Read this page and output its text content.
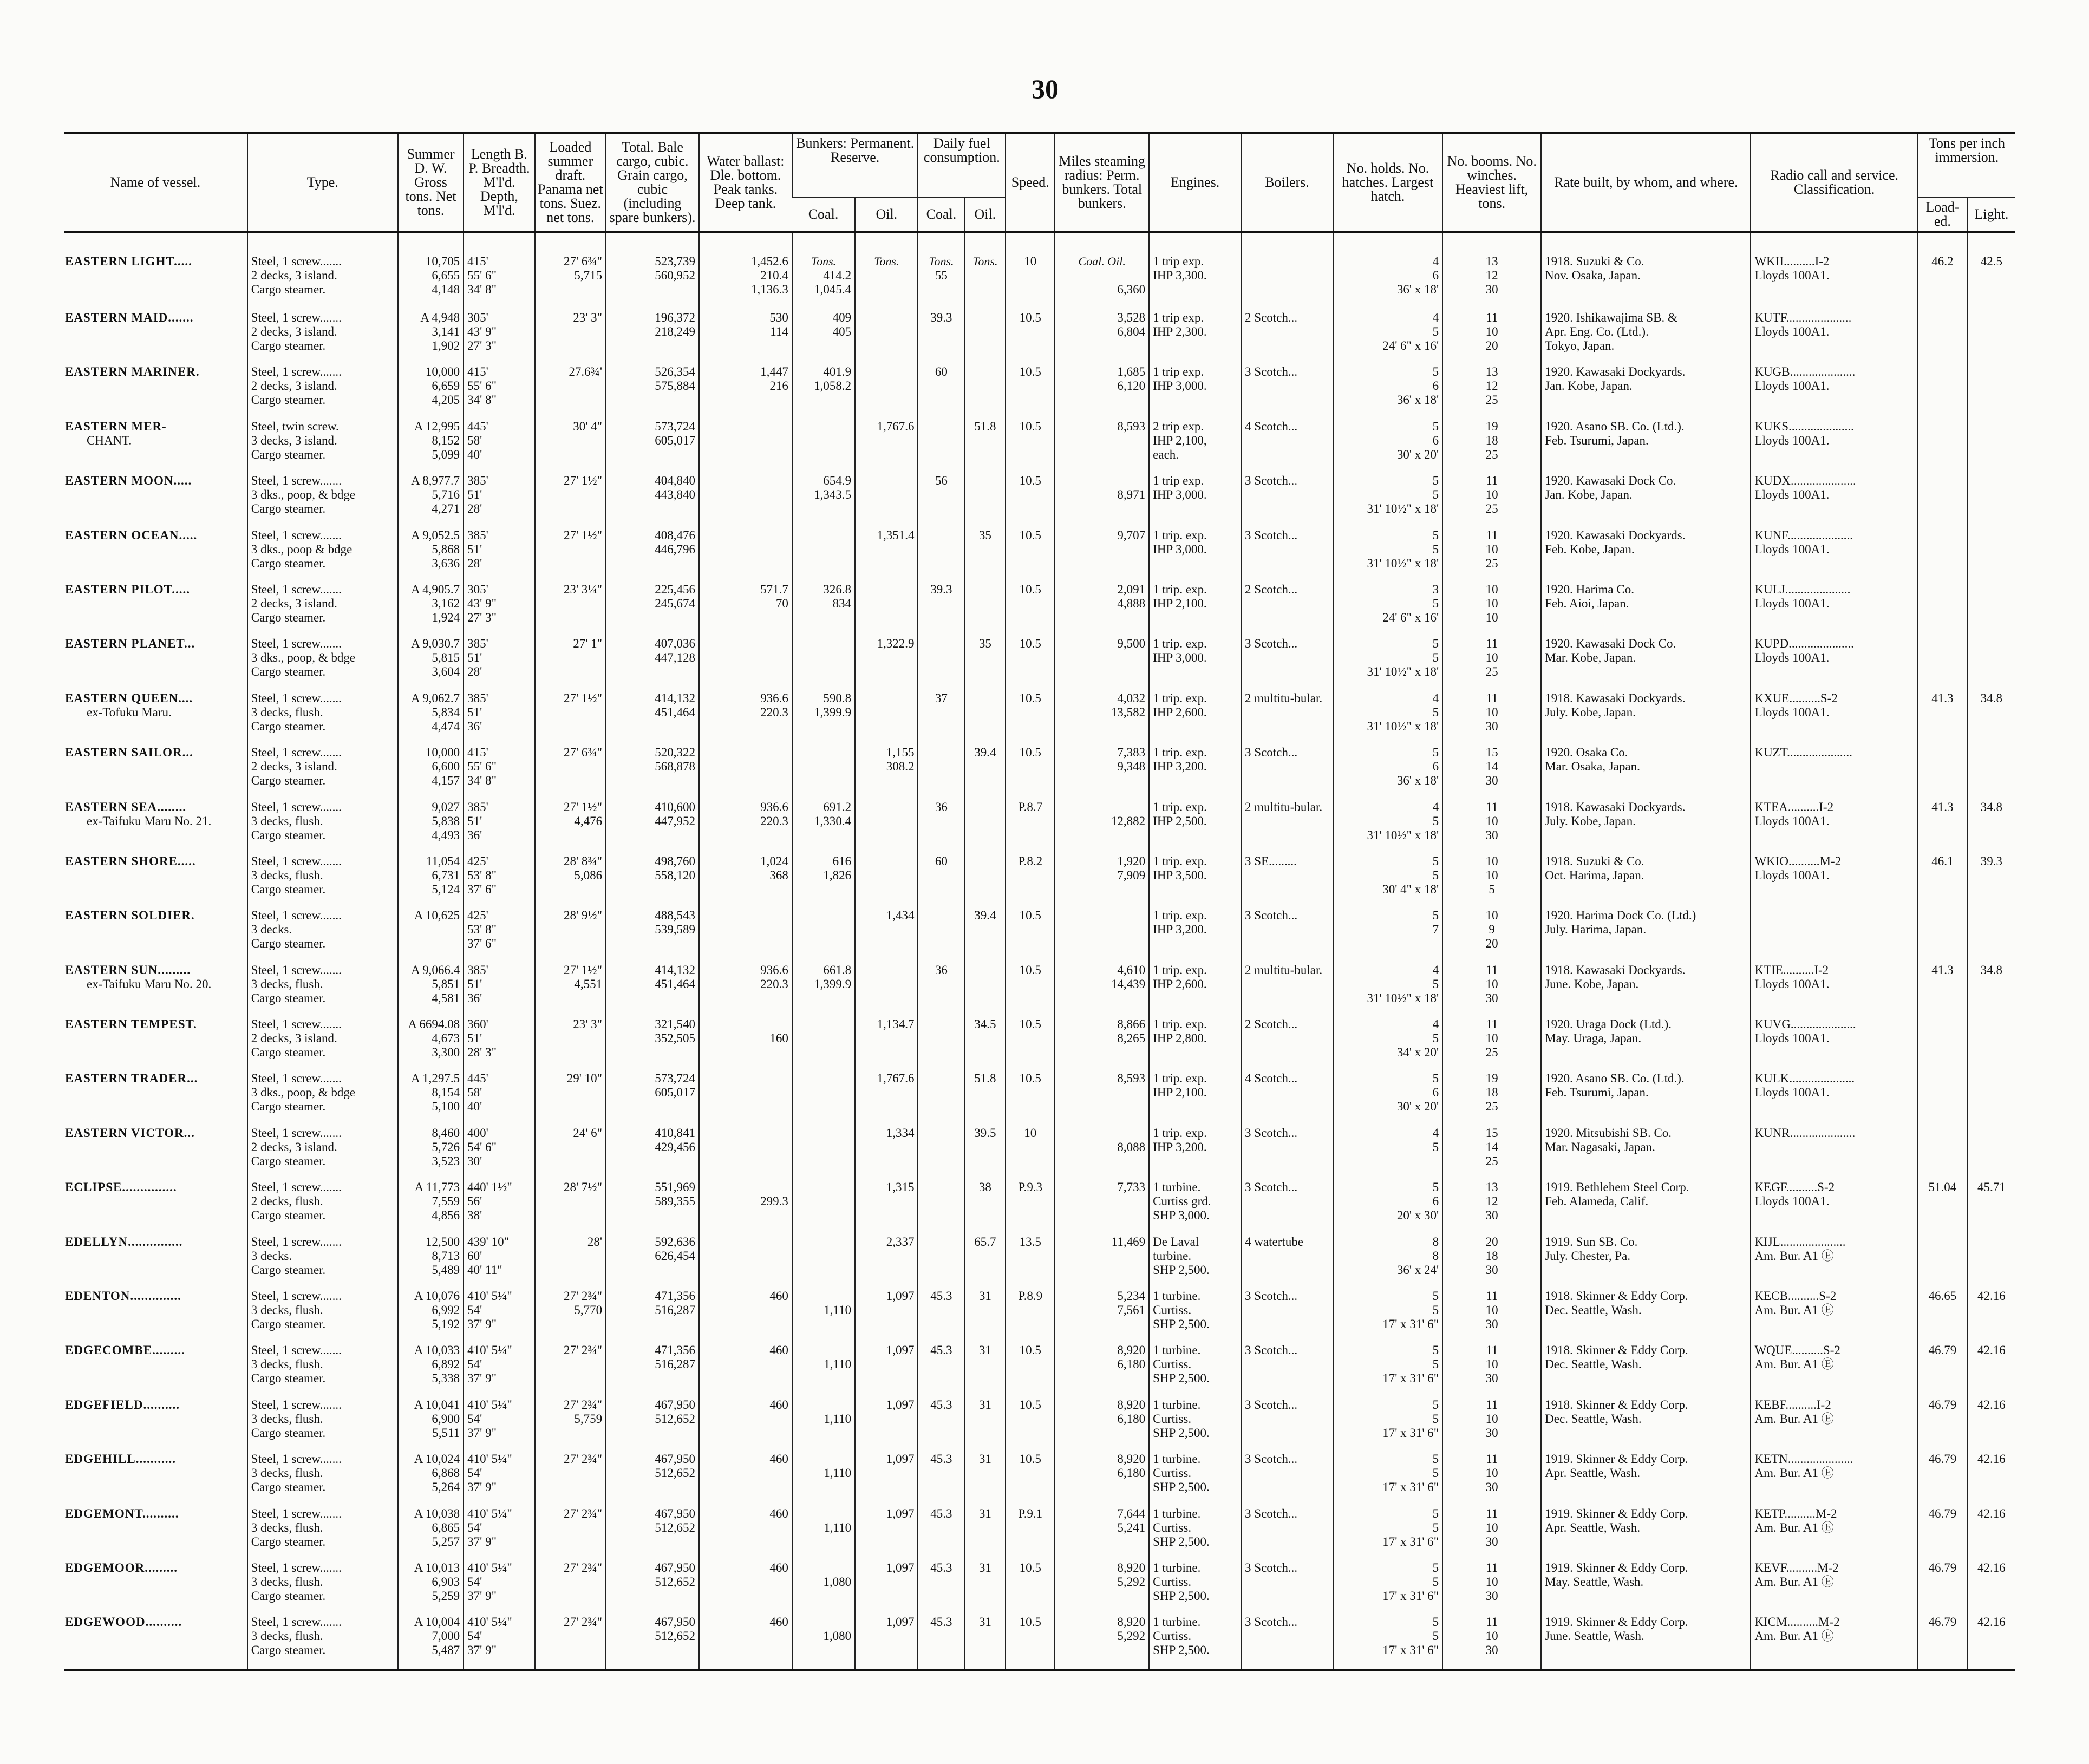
30
Name of vessel.	Type.	Summer D. W. Gross tons. Net tons.	Length B. P. Breadth. M'l'd. Depth, M'l'd.	Loaded summer draft. Panama net tons. Suez. net tons.	Total. Bale cargo, cubic. Grain cargo, cubic (including spare bunkers).	Water ballast: Dle. bottom. Peak tanks. Deep tank.	Bunkers: Permanent. Reserve.		Daily fuel consumption.		Speed.	Miles steaming radius: Perm. bunkers. Total bunkers.	Engines.	Boilers.	No. holds. No. hatches. Largest hatch.	No. booms. No. winches. Heaviest lift, tons.	Rate built, by whom, and where.	Radio call and service. Classification.	Tons per inch immersion.	
							Coal.	Oil.	Coal.	Oil.									Load-ed.	Light.

EASTERN LIGHT.....	Steel, 1 screw.......
2 decks, 3 island.
Cargo steamer.	10,705
6,655
4,148	415'
55' 6"
34' 8"	27' 6¾"
5,715	523,739
560,952	1,452.6
210.4
1,136.3	Tons.
414.2
1,045.4	Tons.	Tons.
55	Tons.	10	Coal. Oil.
6,360	1 trip exp.
IHP 3,300.		4
6
36' x 18'	13
12
30	1918. Suzuki & Co.
Nov. Osaka, Japan.	WKII..........I-2
Lloyds 100A1.	46.2	42.5

EASTERN MAID.......	Steel, 1 screw.......
2 decks, 3 island.
Cargo steamer.	A 4,948
3,141
1,902	305'
43' 9"
27' 3"	23' 3"	196,372
218,249	530
114	409
405		39.3		10.5	3,528
6,804	1 trip exp.
IHP 2,300.	2 Scotch...	4
5
24' 6" x 16'	11
10
20	1920. Ishikawajima SB. &
Apr. Eng. Co. (Ltd.).
Tokyo, Japan.	KUTF.....................
Lloyds 100A1.		

EASTERN MARINER.	Steel, 1 screw.......
2 decks, 3 island.
Cargo steamer.	10,000
6,659
4,205	415'
55' 6"
34' 8"	27.6¾'	526,354
575,884	1,447
216	401.9
1,058.2		60		10.5	1,685
6,120	1 trip exp.
IHP 3,000.	3 Scotch...	5
6
36' x 18'	13
12
25	1920. Kawasaki Dockyards.
Jan. Kobe, Japan.	KUGB.....................
Lloyds 100A1.		

EASTERN MER-
CHANT.	Steel, twin screw.
3 decks, 3 island.
Cargo steamer.	A 12,995
8,152
5,099	445'
58'
40'	30' 4"	573,724
605,017			1,767.6		51.8	10.5	8,593	2 trip exp.
IHP 2,100,
each.	4 Scotch...	5
6
30' x 20'	19
18
25	1920. Asano SB. Co. (Ltd.).
Feb. Tsurumi, Japan.	KUKS.....................
Lloyds 100A1.		

EASTERN MOON.....	Steel, 1 screw.......
3 dks., poop, & bdge
Cargo steamer.	A 8,977.7
5,716
4,271	385'
51'
28'	27' 1½"	404,840
443,840		654.9
1,343.5		56		10.5	8,971	1 trip exp.
IHP 3,000.	3 Scotch...	5
5
31' 10½" x 18'	11
10
25	1920. Kawasaki Dock Co.
Jan. Kobe, Japan.	KUDX.....................
Lloyds 100A1.		

EASTERN OCEAN.....	Steel, 1 screw.......
3 dks., poop & bdge
Cargo steamer.	A 9,052.5
5,868
3,636	385'
51'
28'	27' 1½"	408,476
446,796			1,351.4		35	10.5	9,707	1 trip. exp.
IHP 3,000.	3 Scotch...	5
5
31' 10½" x 18'	11
10
25	1920. Kawasaki Dockyards.
Feb. Kobe, Japan.	KUNF.....................
Lloyds 100A1.		

EASTERN PILOT.....	Steel, 1 screw.......
2 decks, 3 island.
Cargo steamer.	A 4,905.7
3,162
1,924	305'
43' 9"
27' 3"	23' 3¼"	225,456
245,674	571.7
70	326.8
834		39.3		10.5	2,091
4,888	1 trip. exp.
IHP 2,100.	2 Scotch...	3
5
24' 6" x 16'	10
10
10	1920. Harima Co.
Feb. Aioi, Japan.	KULJ.....................
Lloyds 100A1.		

EASTERN PLANET...	Steel, 1 screw.......
3 dks., poop, & bdge
Cargo steamer.	A 9,030.7
5,815
3,604	385'
51'
28'	27' 1"	407,036
447,128			1,322.9		35	10.5	9,500	1 trip. exp.
IHP 3,000.	3 Scotch...	5
5
31' 10½" x 18'	11
10
25	1920. Kawasaki Dock Co.
Mar. Kobe, Japan.	KUPD.....................
Lloyds 100A1.		

EASTERN QUEEN....
ex-Tofuku Maru.	Steel, 1 screw.......
3 decks, flush.
Cargo steamer.	A 9,062.7
5,834
4,474	385'
51'
36'	27' 1½"	414,132
451,464	936.6
220.3	590.8
1,399.9		37		10.5	4,032
13,582	1 trip. exp.
IHP 2,600.	2 multitu-bular.	4
5
31' 10½" x 18'	11
10
30	1918. Kawasaki Dockyards.
July. Kobe, Japan.	KXUE..........S-2
Lloyds 100A1.	41.3	34.8

EASTERN SAILOR...	Steel, 1 screw.......
2 decks, 3 island.
Cargo steamer.	10,000
6,600
4,157	415'
55' 6"
34' 8"	27' 6¾"	520,322
568,878			1,155
308.2		39.4	10.5	7,383
9,348	1 trip. exp.
IHP 3,200.	3 Scotch...	5
6
36' x 18'	15
14
30	1920. Osaka Co.
Mar. Osaka, Japan.	KUZT.....................		

EASTERN SEA........
ex-Taifuku Maru No. 21.	Steel, 1 screw.......
3 decks, flush.
Cargo steamer.	9,027
5,838
4,493	385'
51'
36'	27' 1½"
4,476	410,600
447,952	936.6
220.3	691.2
1,330.4		36		P.8.7	12,882	1 trip. exp.
IHP 2,500.	2 multitu-bular.	4
5
31' 10½" x 18'	11
10
30	1918. Kawasaki Dockyards.
July. Kobe, Japan.	KTEA..........I-2
Lloyds 100A1.	41.3	34.8

EASTERN SHORE.....	Steel, 1 screw.......
3 decks, flush.
Cargo steamer.	11,054
6,731
5,124	425'
53' 8"
37' 6"	28' 8¾"
5,086	498,760
558,120	1,024
368	616
1,826		60		P.8.2	1,920
7,909	1 trip. exp.
IHP 3,500.	3 SE.........	5
5
30' 4" x 18'	10
10
5	1918. Suzuki & Co.
Oct. Harima, Japan.	WKIO..........M-2
Lloyds 100A1.	46.1	39.3

EASTERN SOLDIER.	Steel, 1 screw.......
3 decks.
Cargo steamer.	A 10,625	425'
53' 8"
37' 6"	28' 9½"	488,543
539,589			1,434		39.4	10.5		1 trip. exp.
IHP 3,200.	3 Scotch...	5
7	10
9
20	1920. Harima Dock Co. (Ltd.)
July. Harima, Japan.			

EASTERN SUN.........
ex-Taifuku Maru No. 20.	Steel, 1 screw.......
3 decks, flush.
Cargo steamer.	A 9,066.4
5,851
4,581	385'
51'
36'	27' 1½"
4,551	414,132
451,464	936.6
220.3	661.8
1,399.9		36		10.5	4,610
14,439	1 trip. exp.
IHP 2,600.	2 multitu-bular.	4
5
31' 10½" x 18'	11
10
30	1918. Kawasaki Dockyards.
June. Kobe, Japan.	KTIE..........I-2
Lloyds 100A1.	41.3	34.8

EASTERN TEMPEST.	Steel, 1 screw.......
2 decks, 3 island.
Cargo steamer.	A 6694.08
4,673
3,300	360'
51'
28' 3"	23' 3"	321,540
352,505	160		1,134.7		34.5	10.5	8,866
8,265	1 trip. exp.
IHP 2,800.	2 Scotch...	4
5
34' x 20'	11
10
25	1920. Uraga Dock (Ltd.).
May. Uraga, Japan.	KUVG.....................
Lloyds 100A1.		

EASTERN TRADER...	Steel, 1 screw.......
3 dks., poop, & bdge
Cargo steamer.	A 1,297.5
8,154
5,100	445'
58'
40'	29' 10"	573,724
605,017			1,767.6		51.8	10.5	8,593	1 trip. exp.
IHP 2,100.	4 Scotch...	5
6
30' x 20'	19
18
25	1920. Asano SB. Co. (Ltd.).
Feb. Tsurumi, Japan.	KULK.....................
Lloyds 100A1.		

EASTERN VICTOR...	Steel, 1 screw.......
2 decks, 3 island.
Cargo steamer.	8,460
5,726
3,523	400'
54' 6"
30'	24' 6"	410,841
429,456			1,334		39.5	10	8,088	1 trip. exp.
IHP 3,200.	3 Scotch...	4
5	15
14
25	1920. Mitsubishi SB. Co.
Mar. Nagasaki, Japan.	KUNR.....................		

ECLIPSE...............	Steel, 1 screw.......
2 decks, flush.
Cargo steamer.	A 11,773
7,559
4,856	440' 1½"
56'
38'	28' 7½"	551,969
589,355	299.3		1,315		38	P.9.3	7,733	1 turbine.
Curtiss grd.
SHP 3,000.	3 Scotch...	5
6
20' x 30'	13
12
30	1919. Bethlehem Steel Corp.
Feb. Alameda, Calif.	KEGF..........S-2
Lloyds 100A1.	51.04	45.71

EDELLYN...............	Steel, 1 screw.......
3 decks.
Cargo steamer.	12,500
8,713
5,489	439' 10"
60'
40' 11"	28'	592,636
626,454			2,337		65.7	13.5	11,469	De Laval
turbine.
SHP 2,500.	4 watertube	8
8
36' x 24'	20
18
30	1919. Sun SB. Co.
July. Chester, Pa.	KIJL.....................
Am. Bur. A1 Ⓔ		

EDENTON..............	Steel, 1 screw.......
3 decks, flush.
Cargo steamer.	A 10,076
6,992
5,192	410' 5¼"
54'
37' 9"	27' 2¾"
5,770	471,356
516,287	460	1,110	1,097	45.3	31	P.8.9	5,234
7,561	1 turbine.
Curtiss.
SHP 2,500.	3 Scotch...	5
5
17' x 31' 6"	11
10
30	1918. Skinner & Eddy Corp.
Dec. Seattle, Wash.	KECB..........S-2
Am. Bur. A1 Ⓔ	46.65	42.16

EDGECOMBE.........	Steel, 1 screw.......
3 decks, flush.
Cargo steamer.	A 10,033
6,892
5,338	410' 5¼"
54'
37' 9"	27' 2¾"	471,356
516,287	460	1,110	1,097	45.3	31	10.5	8,920
6,180	1 turbine.
Curtiss.
SHP 2,500.	3 Scotch...	5
5
17' x 31' 6"	11
10
30	1918. Skinner & Eddy Corp.
Dec. Seattle, Wash.	WQUE..........S-2
Am. Bur. A1 Ⓔ	46.79	42.16

EDGEFIELD..........	Steel, 1 screw.......
3 decks, flush.
Cargo steamer.	A 10,041
6,900
5,511	410' 5¼"
54'
37' 9"	27' 2¾"
5,759	467,950
512,652	460	1,110	1,097	45.3	31	10.5	8,920
6,180	1 turbine.
Curtiss.
SHP 2,500.	3 Scotch...	5
5
17' x 31' 6"	11
10
30	1918. Skinner & Eddy Corp.
Dec. Seattle, Wash.	KEBF..........I-2
Am. Bur. A1 Ⓔ	46.79	42.16

EDGEHILL...........	Steel, 1 screw.......
3 decks, flush.
Cargo steamer.	A 10,024
6,868
5,264	410' 5¼"
54'
37' 9"	27' 2¾"	467,950
512,652	460	1,110	1,097	45.3	31	10.5	8,920
6,180	1 turbine.
Curtiss.
SHP 2,500.	3 Scotch...	5
5
17' x 31' 6"	11
10
30	1919. Skinner & Eddy Corp.
Apr. Seattle, Wash.	KETN.....................
Am. Bur. A1 Ⓔ	46.79	42.16

EDGEMONT..........	Steel, 1 screw.......
3 decks, flush.
Cargo steamer.	A 10,038
6,865
5,257	410' 5¼"
54'
37' 9"	27' 2¾"	467,950
512,652	460	1,110	1,097	45.3	31	P.9.1	7,644
5,241	1 turbine.
Curtiss.
SHP 2,500.	3 Scotch...	5
5
17' x 31' 6"	11
10
30	1919. Skinner & Eddy Corp.
Apr. Seattle, Wash.	KETP..........M-2
Am. Bur. A1 Ⓔ	46.79	42.16

EDGEMOOR.........	Steel, 1 screw.......
3 decks, flush.
Cargo steamer.	A 10,013
6,903
5,259	410' 5¼"
54'
37' 9"	27' 2¾"	467,950
512,652	460	1,080	1,097	45.3	31	10.5	8,920
5,292	1 turbine.
Curtiss.
SHP 2,500.	3 Scotch...	5
5
17' x 31' 6"	11
10
30	1919. Skinner & Eddy Corp.
May. Seattle, Wash.	KEVF..........M-2
Am. Bur. A1 Ⓔ	46.79	42.16

EDGEWOOD..........	Steel, 1 screw.......
3 decks, flush.
Cargo steamer.	A 10,004
7,000
5,487	410' 5¼"
54'
37' 9"	27' 2¾"	467,950
512,652	460	1,080	1,097	45.3	31	10.5	8,920
5,292	1 turbine.
Curtiss.
SHP 2,500.	3 Scotch...	5
5
17' x 31' 6"	11
10
30	1919. Skinner & Eddy Corp.
June. Seattle, Wash.	KICM..........M-2
Am. Bur. A1 Ⓔ	46.79	42.16
